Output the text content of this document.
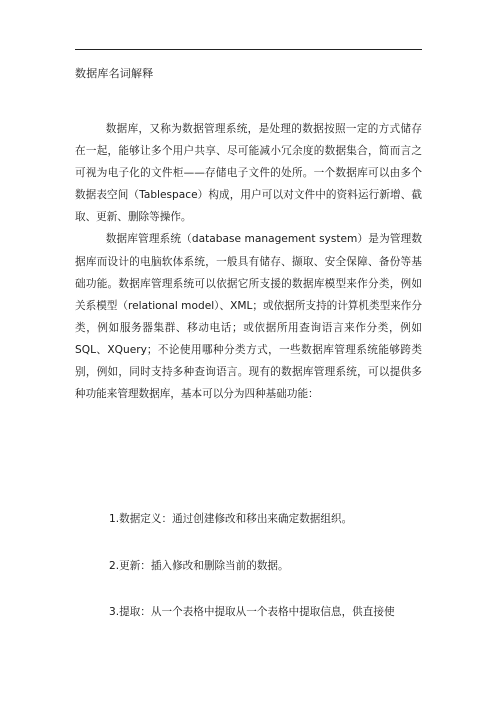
数据库名词解释

数据库，又称为数据管理系统，是处理的数据按照一定的方式储存在一起，能够让多个用户共享、尽可能减小冗余度的数据集合，简而言之可视为电子化的文件柜——存储电子文件的处所。一个数据库可以由多个数据表空间（Tablespace）构成，用户可以对文件中的资料运行新增、截取、更新、删除等操作。

数据库管理系统（database management system）是为管理数据库而设计的电脑软体系统，一般具有储存、撷取、安全保障、备份等基础功能。数据库管理系统可以依据它所支援的数据库模型来作分类，例如关系模型（relational model）、XML；或依据所支持的计算机类型来作分类，例如服务器集群、移动电话；或依据所用查询语言来作分类，例如 SQL、XQuery；不论使用哪种分类方式，一些数据库管理系统能够跨类别，例如，同时支持多种查询语言。现有的数据库管理系统，可以提供多种功能来管理数据库，基本可以分为四种基础功能：

1.数据定义：通过创建修改和移出来确定数据组织。
2.更新：插入修改和删除当前的数据。
3.提取：从一个表格中提取从一个表格中提取信息，供直接使
